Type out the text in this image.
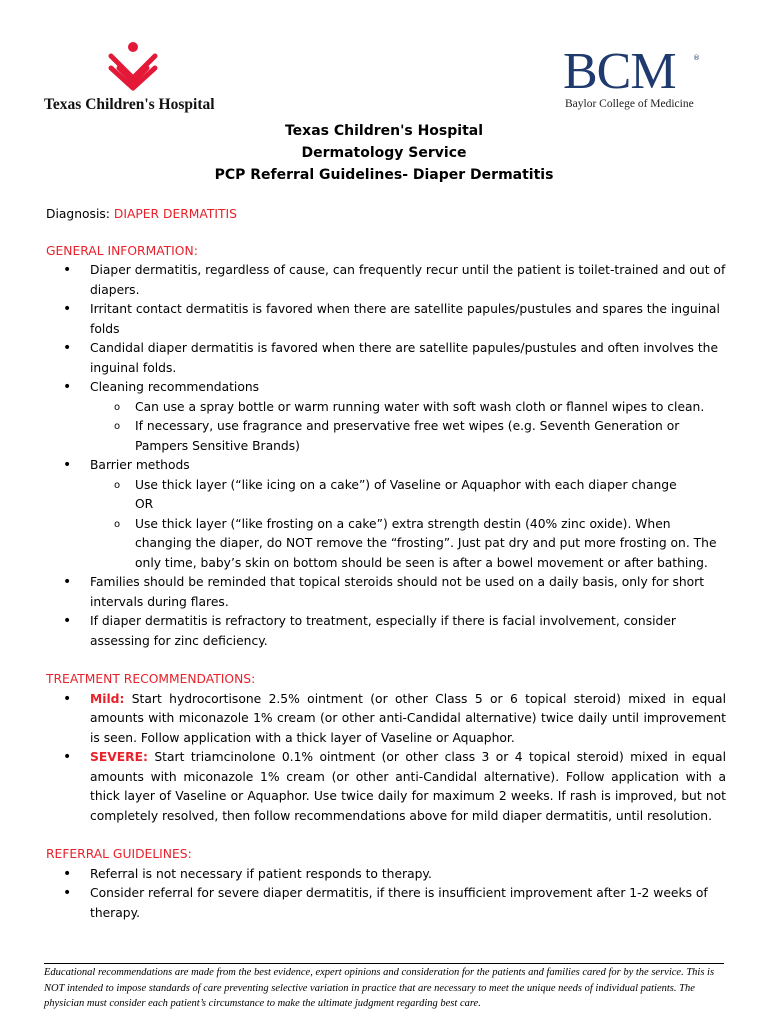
Texas Children's Hospital
BCM ®
Baylor College of Medicine
Texas Children's Hospital
Dermatology Service
PCP Referral Guidelines- Diaper Dermatitis

Diagnosis: DIAPER DERMATITIS

GENERAL INFORMATION:
• Diaper dermatitis, regardless of cause, can frequently recur until the patient is toilet-trained and out of diapers.
• Irritant contact dermatitis is favored when there are satellite papules/pustules and spares the inguinal folds
• Candidal diaper dermatitis is favored when there are satellite papules/pustules and often involves the inguinal folds.
• Cleaning recommendations
o Can use a spray bottle or warm running water with soft wash cloth or flannel wipes to clean.
o If necessary, use fragrance and preservative free wet wipes (e.g. Seventh Generation or Pampers Sensitive Brands)
• Barrier methods
o Use thick layer (“like icing on a cake”) of Vaseline or Aquaphor with each diaper change
OR
o Use thick layer (“like frosting on a cake”) extra strength destin (40% zinc oxide). When changing the diaper, do NOT remove the “frosting”. Just pat dry and put more frosting on. The only time, baby’s skin on bottom should be seen is after a bowel movement or after bathing.
• Families should be reminded that topical steroids should not be used on a daily basis, only for short intervals during flares.
• If diaper dermatitis is refractory to treatment, especially if there is facial involvement, consider assessing for zinc deficiency.
TREATMENT RECOMMENDATIONS:
• Mild: Start hydrocortisone 2.5% ointment (or other Class 5 or 6 topical steroid) mixed in equal amounts with miconazole 1% cream (or other anti-Candidal alternative) twice daily until improvement is seen. Follow application with a thick layer of Vaseline or Aquaphor.
• SEVERE: Start triamcinolone 0.1% ointment (or other class 3 or 4 topical steroid) mixed in equal amounts with miconazole 1% cream (or other anti-Candidal alternative). Follow application with a thick layer of Vaseline or Aquaphor. Use twice daily for maximum 2 weeks. If rash is improved, but not completely resolved, then follow recommendations above for mild diaper dermatitis, until resolution.
REFERRAL GUIDELINES:
• Referral is not necessary if patient responds to therapy.
• Consider referral for severe diaper dermatitis, if there is insufficient improvement after 1-2 weeks of therapy.
Educational recommendations are made from the best evidence, expert opinions and consideration for the patients and families cared for by the service. This is NOT intended to impose standards of care preventing selective variation in practice that are necessary to meet the unique needs of individual patients. The physician must consider each patient’s circumstance to make the ultimate judgment regarding best care.
